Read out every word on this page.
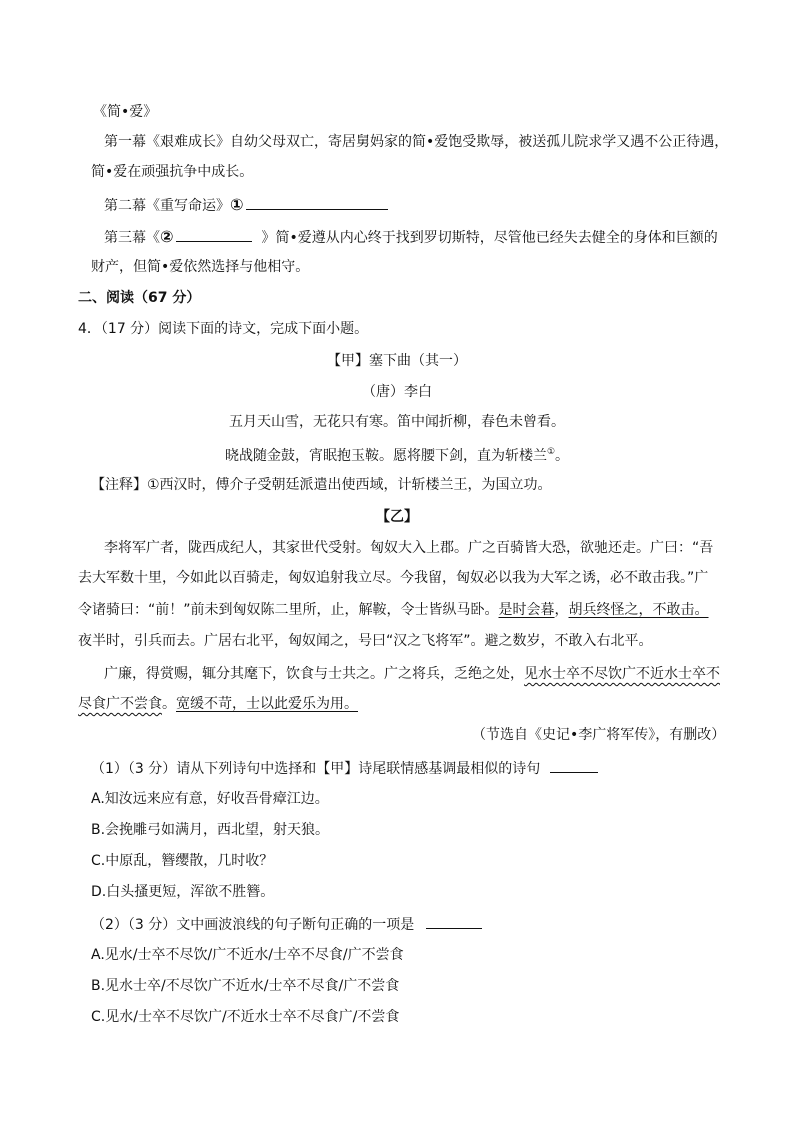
《简•爱》
第一幕《艰难成长》自幼父母双亡，寄居舅妈家的简•爱饱受欺辱，被送孤儿院求学又遇不公正待遇，
简•爱在顽强抗争中成长。
第二幕《重写命运》①
第三幕《②	》简•爱遵从内心终于找到罗切斯特，尽管他已经失去健全的身体和巨额的
财产，但简•爱依然选择与他相守。
二、阅读（67 分）
4．（17 分）阅读下面的诗文，完成下面小题。
【甲】塞下曲（其一）
（唐）李白
五月天山雪，无花只有寒。笛中闻折柳，春色未曾看。
晓战随金鼓，宵眠抱玉鞍。愿将腰下剑，直为斩楼兰①。
【注释】①西汉时，傅介子受朝廷派遣出使西域，计斩楼兰王，为国立功。
【乙】
李将军广者，陇西成纪人，其家世代受射。匈奴大入上郡。广之百骑皆大恐，欲驰还走。广曰：“吾
去大军数十里，今如此以百骑走，匈奴追射我立尽。今我留，匈奴必以我为大军之诱，必不敢击我。”广
令诸骑曰：“前！”前未到匈奴陈二里所，止，解鞍，令士皆纵马卧。是时会暮，胡兵终怪之，不敢击。
夜半时，引兵而去。广居右北平，匈奴闻之，号曰“汉之飞将军”。避之数岁，不敢入右北平。
广廉，得赏赐，辄分其麾下，饮食与士共之。广之将兵，乏绝之处，见水士卒不尽饮广不近水士卒不
尽食广不尝食。宽缓不苛，士以此爱乐为用。
（节选自《史记•李广将军传》，有删改）
（1）（3 分）请从下列诗句中选择和【甲】诗尾联情感基调最相似的诗句
A.知汝远来应有意，好收吾骨瘴江边。
B.会挽雕弓如满月，西北望，射天狼。
C.中原乱，簪缨散，几时收？
D.白头搔更短，浑欲不胜簪。
（2）（3 分）文中画波浪线的句子断句正确的一项是
A.见水/士卒不尽饮/广不近水/士卒不尽食/广不尝食
B.见水士卒/不尽饮广不近水/士卒不尽食/广不尝食
C.见水/士卒不尽饮广/不近水士卒不尽食广/不尝食
